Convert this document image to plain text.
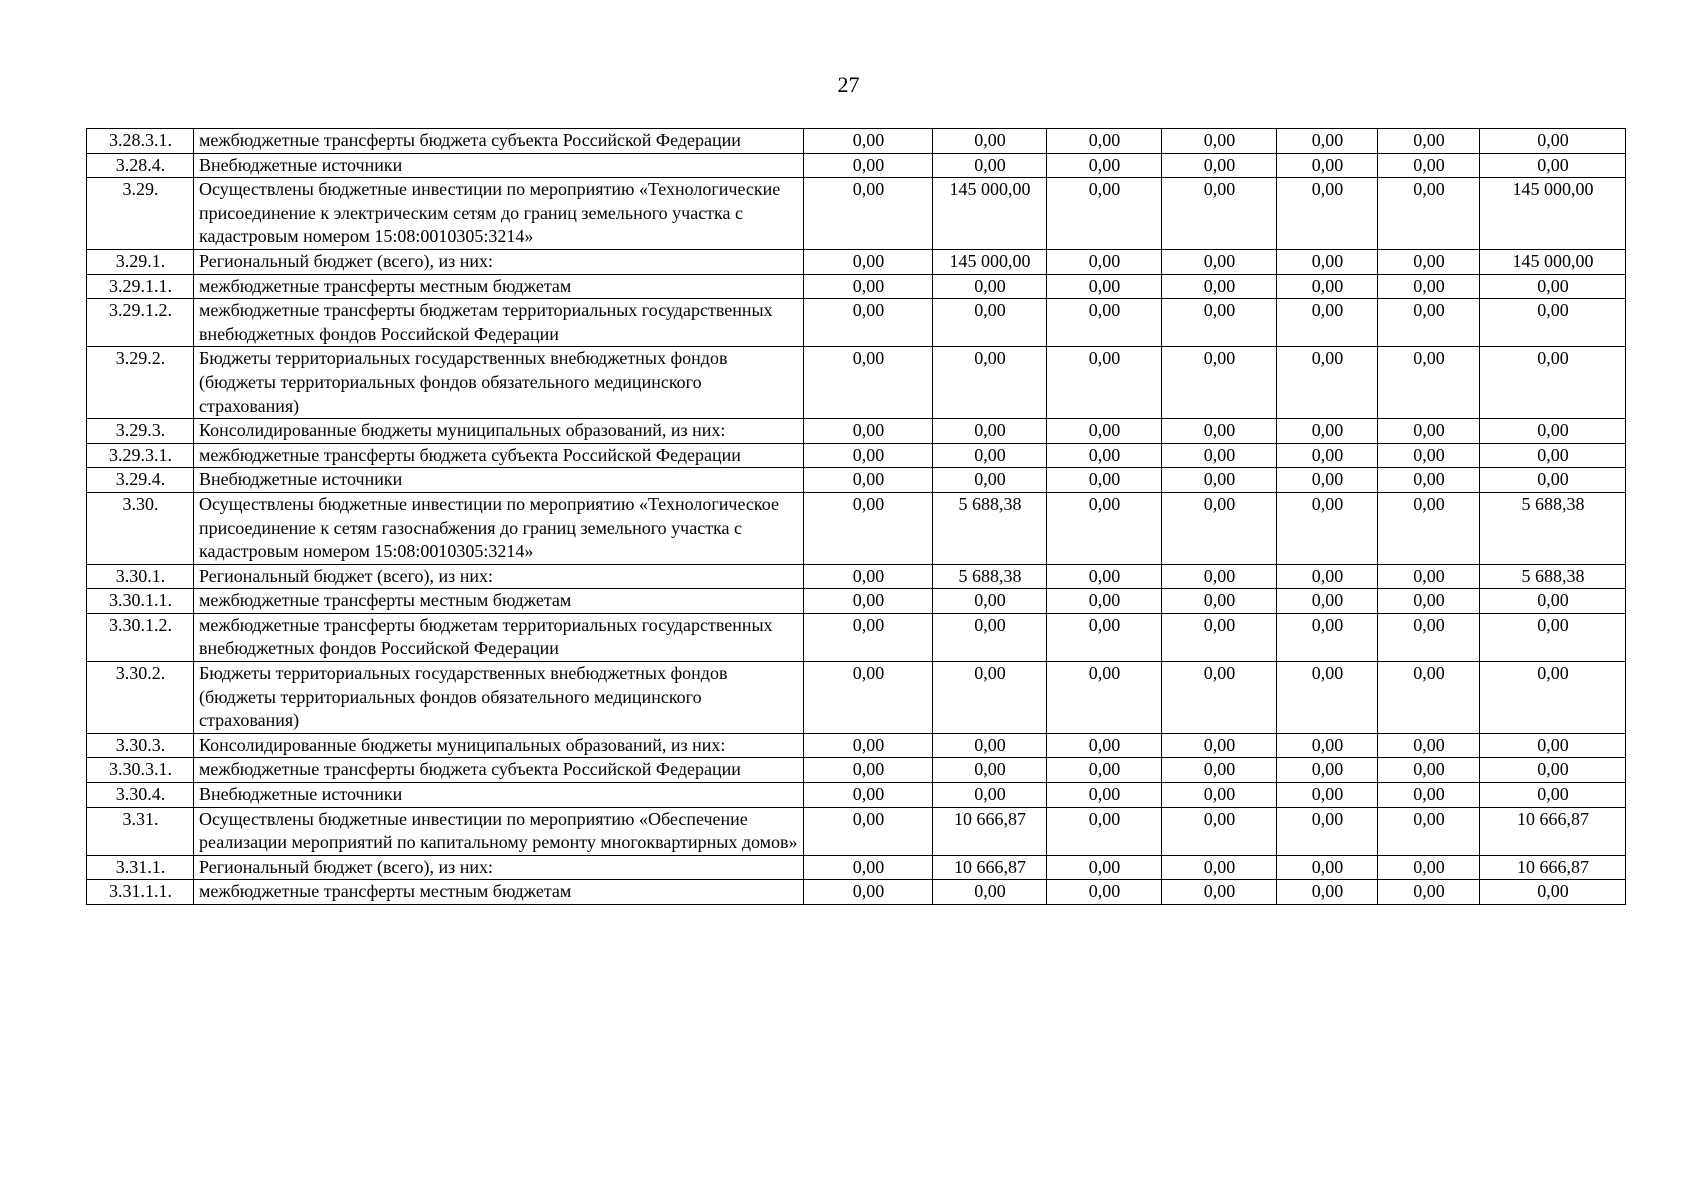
27
3.28.3.1.	межбюджетные трансферты бюджета субъекта Российской Федерации	0,00	0,00	0,00	0,00	0,00	0,00	0,00
3.28.4.	Внебюджетные источники	0,00	0,00	0,00	0,00	0,00	0,00	0,00
3.29.	Осуществлены бюджетные инвестиции по мероприятию «Технологические присоединение к электрическим сетям до границ земельного участка с кадастровым номером 15:08:0010305:3214»	0,00	145 000,00	0,00	0,00	0,00	0,00	145 000,00
3.29.1.	Региональный бюджет (всего), из них:	0,00	145 000,00	0,00	0,00	0,00	0,00	145 000,00
3.29.1.1.	межбюджетные трансферты местным бюджетам	0,00	0,00	0,00	0,00	0,00	0,00	0,00
3.29.1.2.	межбюджетные трансферты бюджетам территориальных государственных внебюджетных фондов Российской Федерации	0,00	0,00	0,00	0,00	0,00	0,00	0,00
3.29.2.	Бюджеты территориальных государственных внебюджетных фондов (бюджеты территориальных фондов обязательного медицинского страхования)	0,00	0,00	0,00	0,00	0,00	0,00	0,00
3.29.3.	Консолидированные бюджеты муниципальных образований, из них:	0,00	0,00	0,00	0,00	0,00	0,00	0,00
3.29.3.1.	межбюджетные трансферты бюджета субъекта Российской Федерации	0,00	0,00	0,00	0,00	0,00	0,00	0,00
3.29.4.	Внебюджетные источники	0,00	0,00	0,00	0,00	0,00	0,00	0,00
3.30.	Осуществлены бюджетные инвестиции по мероприятию «Технологическое присоединение к сетям газоснабжения до границ земельного участка с кадастровым номером 15:08:0010305:3214»	0,00	5 688,38	0,00	0,00	0,00	0,00	5 688,38
3.30.1.	Региональный бюджет (всего), из них:	0,00	5 688,38	0,00	0,00	0,00	0,00	5 688,38
3.30.1.1.	межбюджетные трансферты местным бюджетам	0,00	0,00	0,00	0,00	0,00	0,00	0,00
3.30.1.2.	межбюджетные трансферты бюджетам территориальных государственных внебюджетных фондов Российской Федерации	0,00	0,00	0,00	0,00	0,00	0,00	0,00
3.30.2.	Бюджеты территориальных государственных внебюджетных фондов (бюджеты территориальных фондов обязательного медицинского страхования)	0,00	0,00	0,00	0,00	0,00	0,00	0,00
3.30.3.	Консолидированные бюджеты муниципальных образований, из них:	0,00	0,00	0,00	0,00	0,00	0,00	0,00
3.30.3.1.	межбюджетные трансферты бюджета субъекта Российской Федерации	0,00	0,00	0,00	0,00	0,00	0,00	0,00
3.30.4.	Внебюджетные источники	0,00	0,00	0,00	0,00	0,00	0,00	0,00
3.31.	Осуществлены бюджетные инвестиции по мероприятию «Обеспечение реализации мероприятий по капитальному ремонту многоквартирных домов»	0,00	10 666,87	0,00	0,00	0,00	0,00	10 666,87
3.31.1.	Региональный бюджет (всего), из них:	0,00	10 666,87	0,00	0,00	0,00	0,00	10 666,87
3.31.1.1.	межбюджетные трансферты местным бюджетам	0,00	0,00	0,00	0,00	0,00	0,00	0,00
